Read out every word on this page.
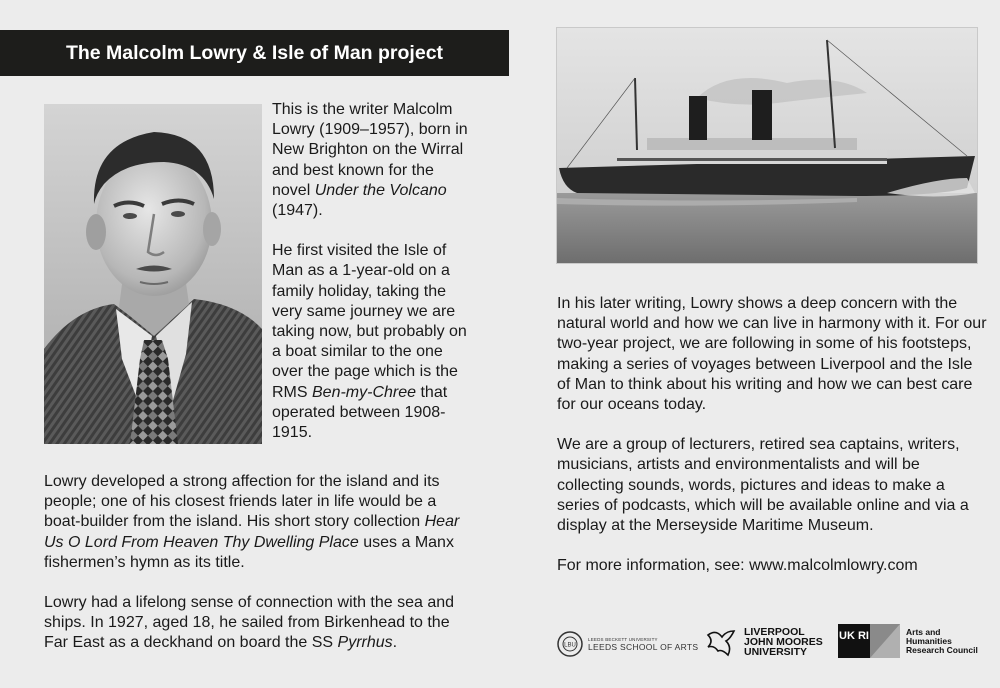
The Malcolm Lowry & Isle of Man project

This is the writer Malcolm Lowry (1909–1957), born in New Brighton on the Wirral and best known for the novel Under the Volcano (1947).

He first visited the Isle of Man as a 1-year-old on a family holiday, taking the very same journey we are taking now, but probably on a boat similar to the one over the page which is the RMS Ben-my-Chree that operated between 1908-1915.

Lowry developed a strong affection for the island and its people; one of his closest friends later in life would be a boat-builder from the island. His short story collection Hear Us O Lord From Heaven Thy Dwelling Place uses a Manx fishermen’s hymn as its title.

Lowry had a lifelong sense of connection with the sea and ships. In 1927, aged 18, he sailed from Birkenhead to the Far East as a deckhand on board the SS Pyrrhus.

In his later writing, Lowry shows a deep concern with the natural world and how we can live in harmony with it. For our two-year project, we are following in some of his footsteps, making a series of voyages between Liverpool and the Isle of Man to think about his writing and how we can best care for our oceans today.

We are a group of lecturers, retired sea captains, writers, musicians, artists and environmentalists and will be collecting sounds, words, pictures and ideas to make a series of podcasts, which will be available online and via a display at the Merseyside Maritime Museum.

For more information, see: www.malcolmlowry.com

LBU
LEEDS BECKETT UNIVERSITY
LEEDS SCHOOL OF ARTS
LIVERPOOL
JOHN MOORES
UNIVERSITY
UK RI	Arts and
Humanities
Research Council
